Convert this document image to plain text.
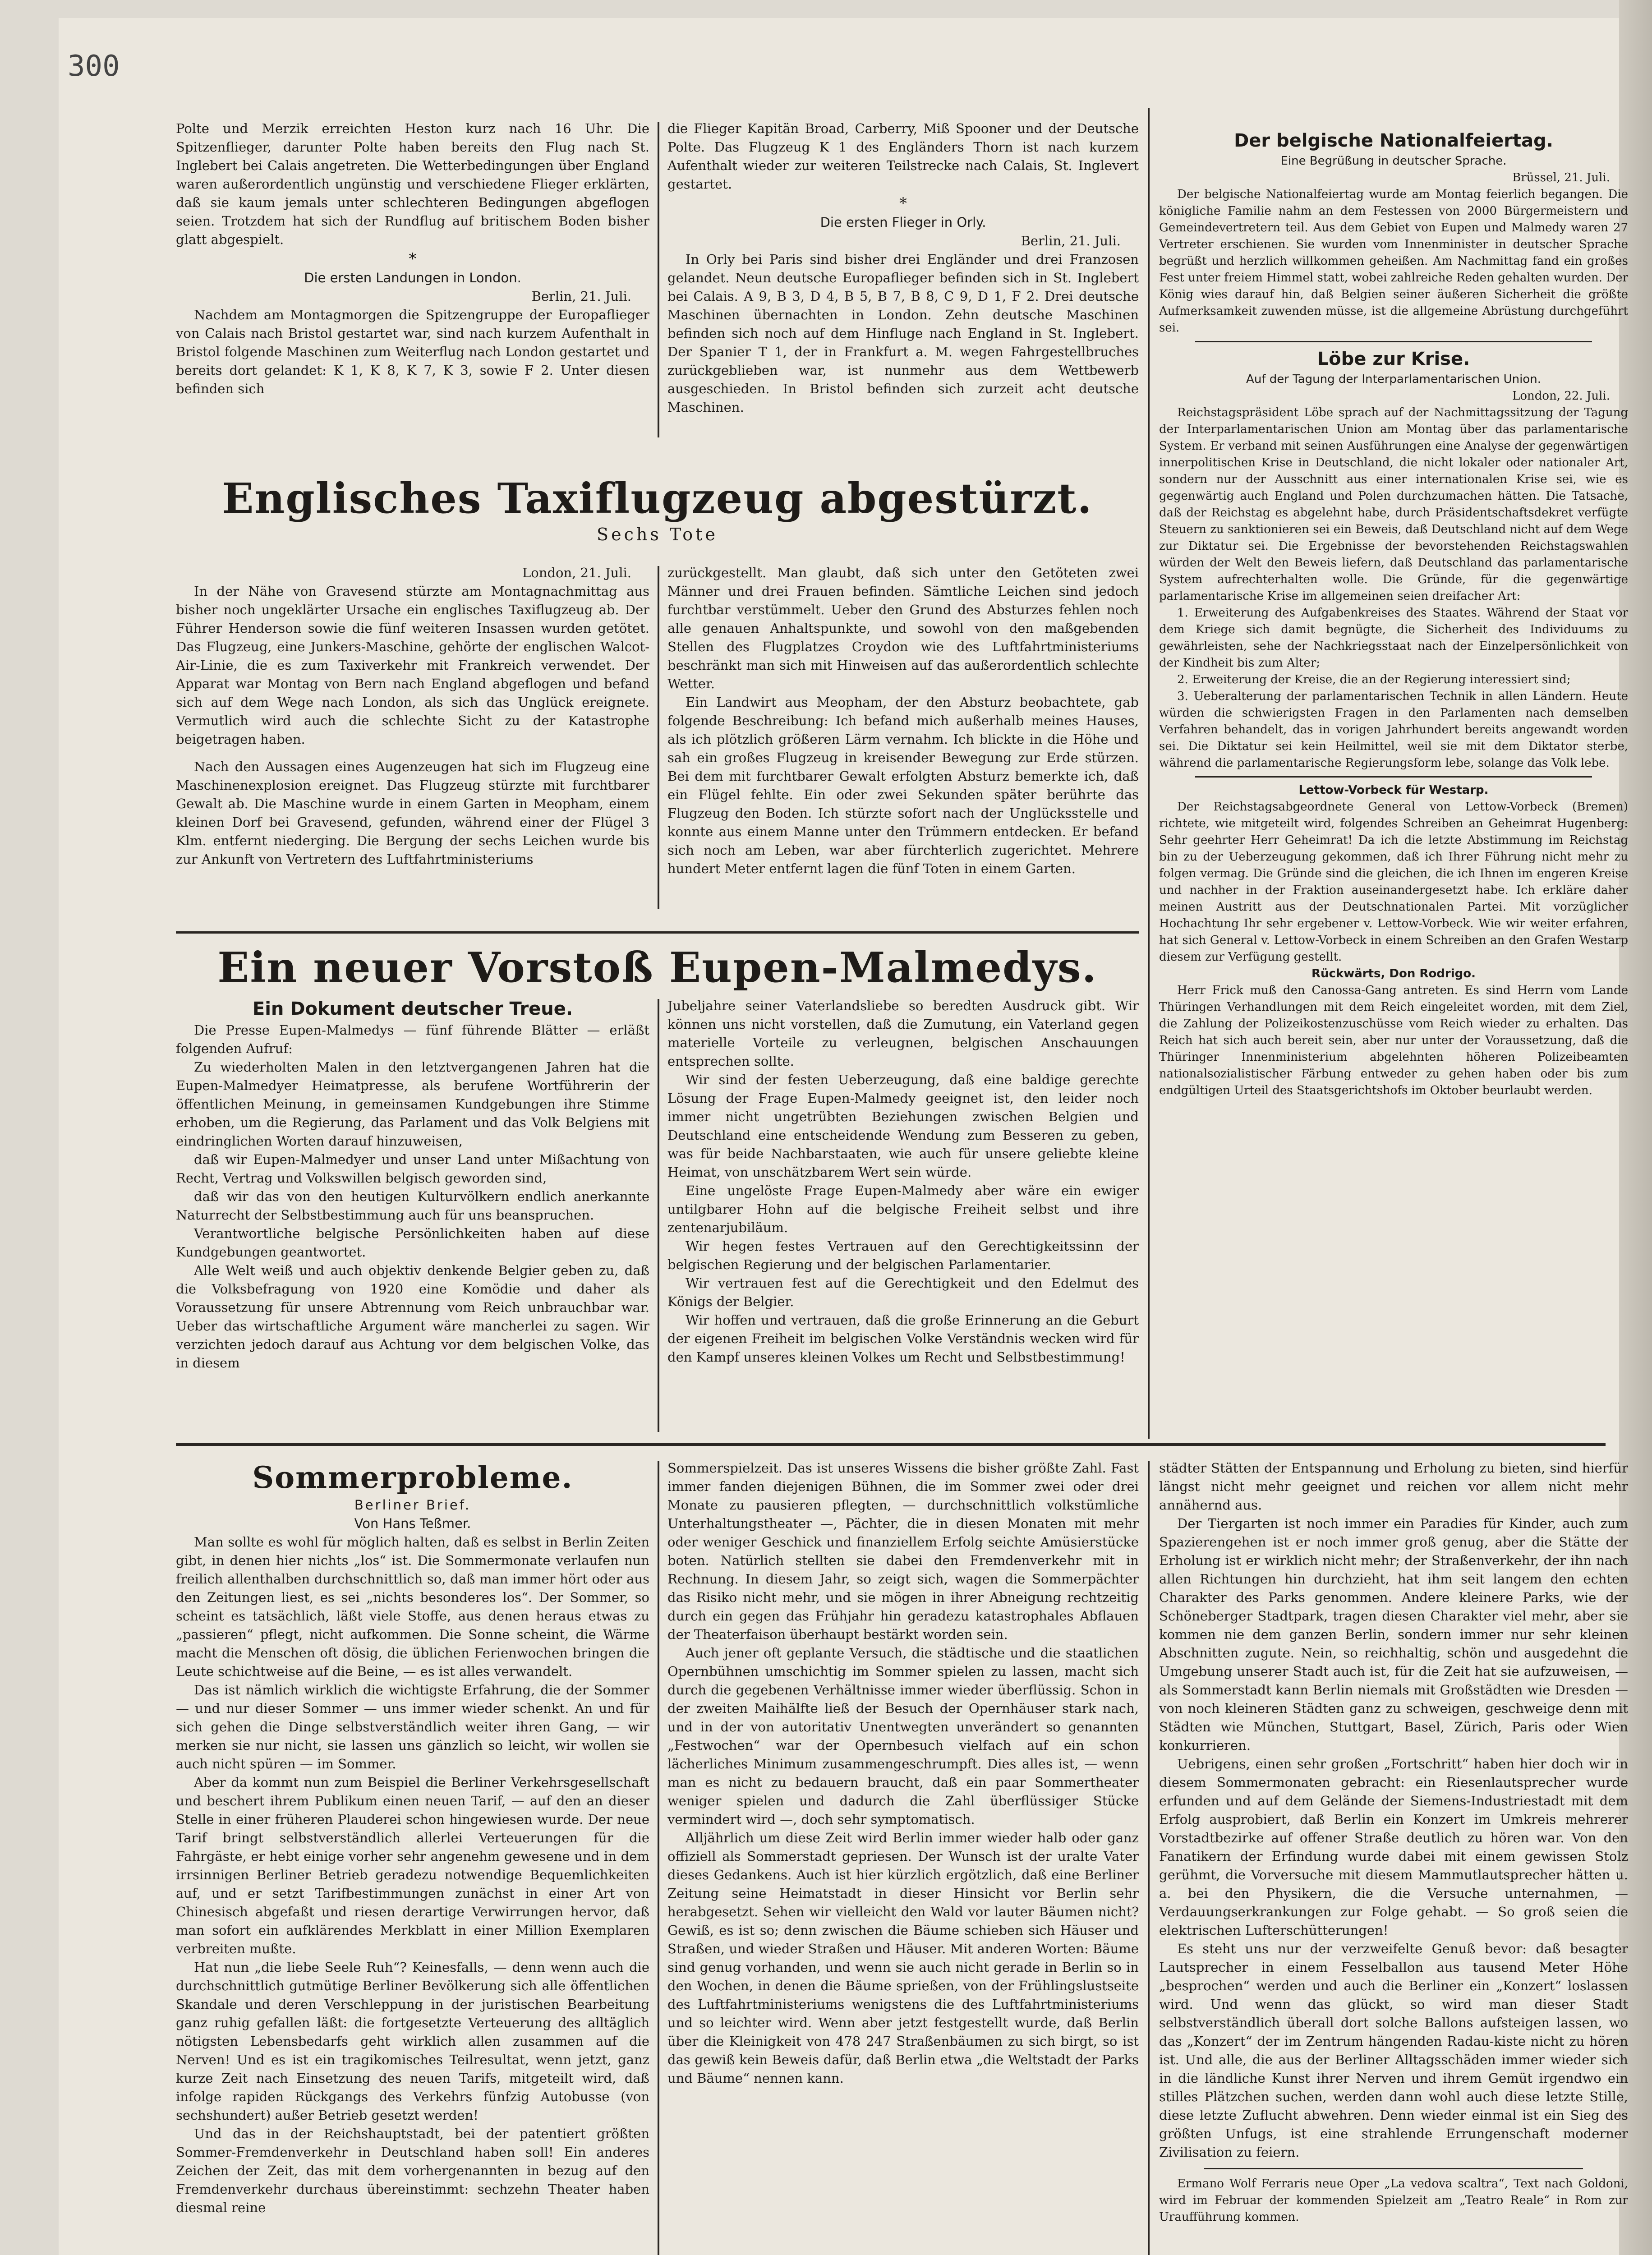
300

Polte und Merzik erreichten Heston kurz nach 16 Uhr. Die Spitzenflieger, darunter Polte haben bereits den Flug nach St. Inglebert bei Calais angetreten. Die Wetterbedingungen über England waren außerordentlich ungünstig und verschiedene Flieger erklärten, daß sie kaum jemals unter schlechteren Bedingungen abgeflogen seien. Trotzdem hat sich der Rundflug auf britischem Boden bisher glatt abgespielt.

*
Die ersten Landungen in London.
Berlin, 21. Juli.

Nachdem am Montagmorgen die Spitzengruppe der Europaflieger von Calais nach Bristol gestartet war, sind nach kurzem Aufenthalt in Bristol folgende Maschinen zum Weiterflug nach London gestartet und bereits dort gelandet: K 1, K 8, K 7, K 3, sowie F 2. Unter diesen befinden sich

die Flieger Kapitän Broad, Carberry, Miß Spooner und der Deutsche Polte. Das Flugzeug K 1 des Engländers Thorn ist nach kurzem Aufenthalt wieder zur weiteren Teilstrecke nach Calais, St. Inglevert gestartet.

*
Die ersten Flieger in Orly.
Berlin, 21. Juli.

In Orly bei Paris sind bisher drei Engländer und drei Franzosen gelandet. Neun deutsche Europaflieger befinden sich in St. Inglebert bei Calais. A 9, B 3, D 4, B 5, B 7, B 8, C 9, D 1, F 2. Drei deutsche Maschinen übernachten in London. Zehn deutsche Maschinen befinden sich noch auf dem Hinfluge nach England in St. Inglebert. Der Spanier T 1, der in Frankfurt a. M. wegen Fahrgestellbruches zurückgeblieben war, ist nunmehr aus dem Wettbewerb ausgeschieden. In Bristol befinden sich zurzeit acht deutsche Maschinen.

Englisches Taxiflugzeug abgestürzt.
Sechs Tote
London, 21. Juli.

In der Nähe von Gravesend stürzte am Montagnachmittag aus bisher noch ungeklärter Ursache ein englisches Taxiflugzeug ab. Der Führer Henderson sowie die fünf weiteren Insassen wurden getötet. Das Flugzeug, eine Junkers-Maschine, gehörte der englischen Walcot-Air-Linie, die es zum Taxiverkehr mit Frankreich verwendet. Der Apparat war Montag von Bern nach England abgeflogen und befand sich auf dem Wege nach London, als sich das Unglück ereignete. Vermutlich wird auch die schlechte Sicht zu der Katastrophe beigetragen haben.

Nach den Aussagen eines Augenzeugen hat sich im Flugzeug eine Maschinenexplosion ereignet. Das Flugzeug stürzte mit furchtbarer Gewalt ab. Die Maschine wurde in einem Garten in Meopham, einem kleinen Dorf bei Gravesend, gefunden, während einer der Flügel 3 Klm. entfernt niederging. Die Bergung der sechs Leichen wurde bis zur Ankunft von Vertretern des Luftfahrtministeriums

zurückgestellt. Man glaubt, daß sich unter den Getöteten zwei Männer und drei Frauen befinden. Sämtliche Leichen sind jedoch furchtbar verstümmelt. Ueber den Grund des Absturzes fehlen noch alle genauen Anhaltspunkte, und sowohl von den maßgebenden Stellen des Flugplatzes Croydon wie des Luftfahrtministeriums beschränkt man sich mit Hinweisen auf das außerordentlich schlechte Wetter.

Ein Landwirt aus Meopham, der den Absturz beobachtete, gab folgende Beschreibung: Ich befand mich außerhalb meines Hauses, als ich plötzlich größeren Lärm vernahm. Ich blickte in die Höhe und sah ein großes Flugzeug in kreisender Bewegung zur Erde stürzen. Bei dem mit furchtbarer Gewalt erfolgten Absturz bemerkte ich, daß ein Flügel fehlte. Ein oder zwei Sekunden später berührte das Flugzeug den Boden. Ich stürzte sofort nach der Unglücksstelle und konnte aus einem Manne unter den Trümmern entdecken. Er befand sich noch am Leben, war aber fürchterlich zugerichtet. Mehrere hundert Meter entfernt lagen die fünf Toten in einem Garten.

Ein neuer Vorstoß Eupen-Malmedys.
Ein Dokument deutscher Treue.

Die Presse Eupen-Malmedys — fünf führende Blätter — erläßt folgenden Aufruf:

Zu wiederholten Malen in den letztvergangenen Jahren hat die Eupen-Malmedyer Heimatpresse, als berufene Wortführerin der öffentlichen Meinung, in gemeinsamen Kundgebungen ihre Stimme erhoben, um die Regierung, das Parlament und das Volk Belgiens mit eindringlichen Worten darauf hinzuweisen,

daß wir Eupen-Malmedyer und unser Land unter Mißachtung von Recht, Vertrag und Volkswillen belgisch geworden sind,

daß wir das von den heutigen Kulturvölkern endlich anerkannte Naturrecht der Selbstbestimmung auch für uns beanspruchen.

Verantwortliche belgische Persönlichkeiten haben auf diese Kundgebungen geantwortet.

Alle Welt weiß und auch objektiv denkende Belgier geben zu, daß die Volksbefragung von 1920 eine Komödie und daher als Voraussetzung für unsere Abtrennung vom Reich unbrauchbar war. Ueber das wirtschaftliche Argument wäre mancherlei zu sagen. Wir verzichten jedoch darauf aus Achtung vor dem belgischen Volke, das in diesem

Jubeljahre seiner Vaterlandsliebe so beredten Ausdruck gibt. Wir können uns nicht vorstellen, daß die Zumutung, ein Vaterland gegen materielle Vorteile zu verleugnen, belgischen Anschauungen entsprechen sollte.

Wir sind der festen Ueberzeugung, daß eine baldige gerechte Lösung der Frage Eupen-Malmedy geeignet ist, den leider noch immer nicht ungetrübten Beziehungen zwischen Belgien und Deutschland eine entscheidende Wendung zum Besseren zu geben, was für beide Nachbarstaaten, wie auch für unsere geliebte kleine Heimat, von unschätzbarem Wert sein würde.

Eine ungelöste Frage Eupen-Malmedy aber wäre ein ewiger untilgbarer Hohn auf die belgische Freiheit selbst und ihre zentenarjubiläum.

Wir hegen festes Vertrauen auf den Gerechtigkeitssinn der belgischen Regierung und der belgischen Parlamentarier.

Wir vertrauen fest auf die Gerechtigkeit und den Edelmut des Königs der Belgier.

Wir hoffen und vertrauen, daß die große Erinnerung an die Geburt der eigenen Freiheit im belgischen Volke Verständnis wecken wird für den Kampf unseres kleinen Volkes um Recht und Selbstbestimmung!

Der belgische Nationalfeiertag.
Eine Begrüßung in deutscher Sprache.
Brüssel, 21. Juli.

Der belgische Nationalfeiertag wurde am Montag feierlich begangen. Die königliche Familie nahm an dem Festessen von 2000 Bürgermeistern und Gemeindevertretern teil. Aus dem Gebiet von Eupen und Malmedy waren 27 Vertreter erschienen. Sie wurden vom Innenminister in deutscher Sprache begrüßt und herzlich willkommen geheißen. Am Nachmittag fand ein großes Fest unter freiem Himmel statt, wobei zahlreiche Reden gehalten wurden. Der König wies darauf hin, daß Belgien seiner äußeren Sicherheit die größte Aufmerksamkeit zuwenden müsse, ist die allgemeine Abrüstung durchgeführt sei.

Löbe zur Krise.
Auf der Tagung der Interparlamentarischen Union.
London, 22. Juli.

Reichstagspräsident Löbe sprach auf der Nachmittagssitzung der Tagung der Interparlamentarischen Union am Montag über das parlamentarische System. Er verband mit seinen Ausführungen eine Analyse der gegenwärtigen innerpolitischen Krise in Deutschland, die nicht lokaler oder nationaler Art, sondern nur der Ausschnitt aus einer internationalen Krise sei, wie es gegenwärtig auch England und Polen durchzumachen hätten. Die Tatsache, daß der Reichstag es abgelehnt habe, durch Präsidentschaftsdekret verfügte Steuern zu sanktionieren sei ein Beweis, daß Deutschland nicht auf dem Wege zur Diktatur sei. Die Ergebnisse der bevorstehenden Reichstagswahlen würden der Welt den Beweis liefern, daß Deutschland das parlamentarische System aufrechterhalten wolle. Die Gründe, für die gegenwärtige parlamentarische Krise im allgemeinen seien dreifacher Art:

1. Erweiterung des Aufgabenkreises des Staates. Während der Staat vor dem Kriege sich damit begnügte, die Sicherheit des Individuums zu gewährleisten, sehe der Nachkriegsstaat nach der Einzelpersönlichkeit von der Kindheit bis zum Alter;

2. Erweiterung der Kreise, die an der Regierung interessiert sind;

3. Ueberalterung der parlamentarischen Technik in allen Ländern. Heute würden die schwierigsten Fragen in den Parlamenten nach demselben Verfahren behandelt, das in vorigen Jahrhundert bereits angewandt worden sei. Die Diktatur sei kein Heilmittel, weil sie mit dem Diktator sterbe, während die parlamentarische Regierungsform lebe, solange das Volk lebe.

Lettow-Vorbeck für Westarp.

Der Reichstagsabgeordnete General von Lettow-Vorbeck (Bremen) richtete, wie mitgeteilt wird, folgendes Schreiben an Geheimrat Hugenberg: Sehr geehrter Herr Geheimrat! Da ich die letzte Abstimmung im Reichstag bin zu der Ueberzeugung gekommen, daß ich Ihrer Führung nicht mehr zu folgen vermag. Die Gründe sind die gleichen, die ich Ihnen im engeren Kreise und nachher in der Fraktion auseinandergesetzt habe. Ich erkläre daher meinen Austritt aus der Deutschnationalen Partei. Mit vorzüglicher Hochachtung Ihr sehr ergebener v. Lettow-Vorbeck. Wie wir weiter erfahren, hat sich General v. Lettow-Vorbeck in einem Schreiben an den Grafen Westarp diesem zur Verfügung gestellt.

Rückwärts, Don Rodrigo.

Herr Frick muß den Canossa-Gang antreten. Es sind Herrn vom Lande Thüringen Verhandlungen mit dem Reich eingeleitet worden, mit dem Ziel, die Zahlung der Polizeikostenzuschüsse vom Reich wieder zu erhalten. Das Reich hat sich auch bereit sein, aber nur unter der Voraussetzung, daß die Thüringer Innenministerium abgelehnten höheren Polizeibeamten nationalsozialistischer Färbung entweder zu gehen haben oder bis zum endgültigen Urteil des Staatsgerichtshofs im Oktober beurlaubt werden.

Sommerprobleme.
Berliner Brief.
Von Hans Teßmer.

Man sollte es wohl für möglich halten, daß es selbst in Berlin Zeiten gibt, in denen hier nichts „los“ ist. Die Sommermonate verlaufen nun freilich allenthalben durchschnittlich so, daß man immer hört oder aus den Zeitungen liest, es sei „nichts besonderes los“. Der Sommer, so scheint es tatsächlich, läßt viele Stoffe, aus denen heraus etwas zu „passieren“ pflegt, nicht aufkommen. Die Sonne scheint, die Wärme macht die Menschen oft dösig, die üblichen Ferienwochen bringen die Leute schichtweise auf die Beine, — es ist alles verwandelt.

Das ist nämlich wirklich die wichtigste Erfahrung, die der Sommer — und nur dieser Sommer — uns immer wieder schenkt. An und für sich gehen die Dinge selbstverständlich weiter ihren Gang, — wir merken sie nur nicht, sie lassen uns gänzlich so leicht, wir wollen sie auch nicht spüren — im Sommer.

Aber da kommt nun zum Beispiel die Berliner Verkehrsgesellschaft und beschert ihrem Publikum einen neuen Tarif, — auf den an dieser Stelle in einer früheren Plauderei schon hingewiesen wurde. Der neue Tarif bringt selbstverständlich allerlei Verteuerungen für die Fahrgäste, er hebt einige vorher sehr angenehm gewesene und in dem irrsinnigen Berliner Betrieb geradezu notwendige Bequemlichkeiten auf, und er setzt Tarifbestimmungen zunächst in einer Art von Chinesisch abgefaßt und riesen derartige Verwirrungen hervor, daß man sofort ein aufklärendes Merkblatt in einer Million Exemplaren verbreiten mußte.

Hat nun „die liebe Seele Ruh“? Keinesfalls, — denn wenn auch die durchschnittlich gutmütige Berliner Bevölkerung sich alle öffentlichen Skandale und deren Verschleppung in der juristischen Bearbeitung ganz ruhig gefallen läßt: die fortgesetzte Verteuerung des alltäglich nötigsten Lebensbedarfs geht wirklich allen zusammen auf die Nerven! Und es ist ein tragikomisches Teilresultat, wenn jetzt, ganz kurze Zeit nach Einsetzung des neuen Tarifs, mitgeteilt wird, daß infolge rapiden Rückgangs des Verkehrs fünfzig Autobusse (von sechshundert) außer Betrieb gesetzt werden!

Und das in der Reichshauptstadt, bei der patentiert größten Sommer-Fremdenverkehr in Deutschland haben soll! Ein anderes Zeichen der Zeit, das mit dem vorhergenannten in bezug auf den Fremdenverkehr durchaus übereinstimmt: sechzehn Theater haben diesmal reine

Sommerspielzeit. Das ist unseres Wissens die bisher größte Zahl. Fast immer fanden diejenigen Bühnen, die im Sommer zwei oder drei Monate zu pausieren pflegten, — durchschnittlich volkstümliche Unterhaltungstheater —, Pächter, die in diesen Monaten mit mehr oder weniger Geschick und finanziellem Erfolg seichte Amüsierstücke boten. Natürlich stellten sie dabei den Fremdenverkehr mit in Rechnung. In diesem Jahr, so zeigt sich, wagen die Sommerpächter das Risiko nicht mehr, und sie mögen in ihrer Abneigung rechtzeitig durch ein gegen das Frühjahr hin geradezu katastrophales Abflauen der Theaterfaison überhaupt bestärkt worden sein.

Auch jener oft geplante Versuch, die städtische und die staatlichen Opernbühnen umschichtig im Sommer spielen zu lassen, macht sich durch die gegebenen Verhältnisse immer wieder überflüssig. Schon in der zweiten Maihälfte ließ der Besuch der Opernhäuser stark nach, und in der von autoritativ Unentwegten unverändert so genannten „Festwochen“ war der Opernbesuch vielfach auf ein schon lächerliches Minimum zusammengeschrumpft. Dies alles ist, — wenn man es nicht zu bedauern braucht, daß ein paar Sommertheater weniger spielen und dadurch die Zahl überflüssiger Stücke vermindert wird —, doch sehr symptomatisch.

Alljährlich um diese Zeit wird Berlin immer wieder halb oder ganz offiziell als Sommerstadt gepriesen. Der Wunsch ist der uralte Vater dieses Gedankens. Auch ist hier kürzlich ergötzlich, daß eine Berliner Zeitung seine Heimatstadt in dieser Hinsicht vor Berlin sehr herabgesetzt. Sehen wir vielleicht den Wald vor lauter Bäumen nicht? Gewiß, es ist so; denn zwischen die Bäume schieben sich Häuser und Straßen, und wieder Straßen und Häuser. Mit anderen Worten: Bäume sind genug vorhanden, und wenn sie auch nicht gerade in Berlin so in den Wochen, in denen die Bäume sprießen, von der Frühlingslustseite des Luftfahrtministeriums wenigstens die des Luftfahrtministeriums und so leichter wird. Wenn aber jetzt festgestellt wurde, daß Berlin über die Kleinigkeit von 478 247 Straßenbäumen zu sich birgt, so ist das gewiß kein Beweis dafür, daß Berlin etwa „die Weltstadt der Parks und Bäume“ nennen kann.

städter Stätten der Entspannung und Erholung zu bieten, sind hierfür längst nicht mehr geeignet und reichen vor allem nicht mehr annähernd aus.

Der Tiergarten ist noch immer ein Paradies für Kinder, auch zum Spazierengehen ist er noch immer groß genug, aber die Stätte der Erholung ist er wirklich nicht mehr; der Straßenverkehr, der ihn nach allen Richtungen hin durchzieht, hat ihm seit langem den echten Charakter des Parks genommen. Andere kleinere Parks, wie der Schöneberger Stadtpark, tragen diesen Charakter viel mehr, aber sie kommen nie dem ganzen Berlin, sondern immer nur sehr kleinen Abschnitten zugute. Nein, so reichhaltig, schön und ausgedehnt die Umgebung unserer Stadt auch ist, für die Zeit hat sie aufzuweisen, — als Sommerstadt kann Berlin niemals mit Großstädten wie Dresden — von noch kleineren Städten ganz zu schweigen, geschweige denn mit Städten wie München, Stuttgart, Basel, Zürich, Paris oder Wien konkurrieren.

Uebrigens, einen sehr großen „Fortschritt“ haben hier doch wir in diesem Sommermonaten gebracht: ein Riesenlautsprecher wurde erfunden und auf dem Gelände der Siemens-Industriestadt mit dem Erfolg ausprobiert, daß Berlin ein Konzert im Umkreis mehrerer Vorstadtbezirke auf offener Straße deutlich zu hören war. Von den Fanatikern der Erfindung wurde dabei mit einem gewissen Stolz gerühmt, die Vorversuche mit diesem Mammutlautsprecher hätten u. a. bei den Physikern, die die Versuche unternahmen, — Verdauungserkrankungen zur Folge gehabt. — So groß seien die elektrischen Lufterschütterungen!

Es steht uns nur der verzweifelte Genuß bevor: daß besagter Lautsprecher in einem Fesselballon aus tausend Meter Höhe „besprochen“ werden und auch die Berliner ein „Konzert“ loslassen wird. Und wenn das glückt, so wird man dieser Stadt selbstverständlich überall dort solche Ballons aufsteigen lassen, wo das „Konzert“ der im Zentrum hängenden Radau-kiste nicht zu hören ist. Und alle, die aus der Berliner Alltagsschäden immer wieder sich in die ländliche Kunst ihrer Nerven und ihrem Gemüt irgendwo ein stilles Plätzchen suchen, werden dann wohl auch diese letzte Stille, diese letzte Zuflucht abwehren. Denn wieder einmal ist ein Sieg des größten Unfugs, ist eine strahlende Errungenschaft moderner Zivilisation zu feiern.

Ermano Wolf Ferraris neue Oper „La vedova scaltra“, Text nach Goldoni, wird im Februar der kommenden Spielzeit am „Teatro Reale“ in Rom zur Uraufführung kommen.
